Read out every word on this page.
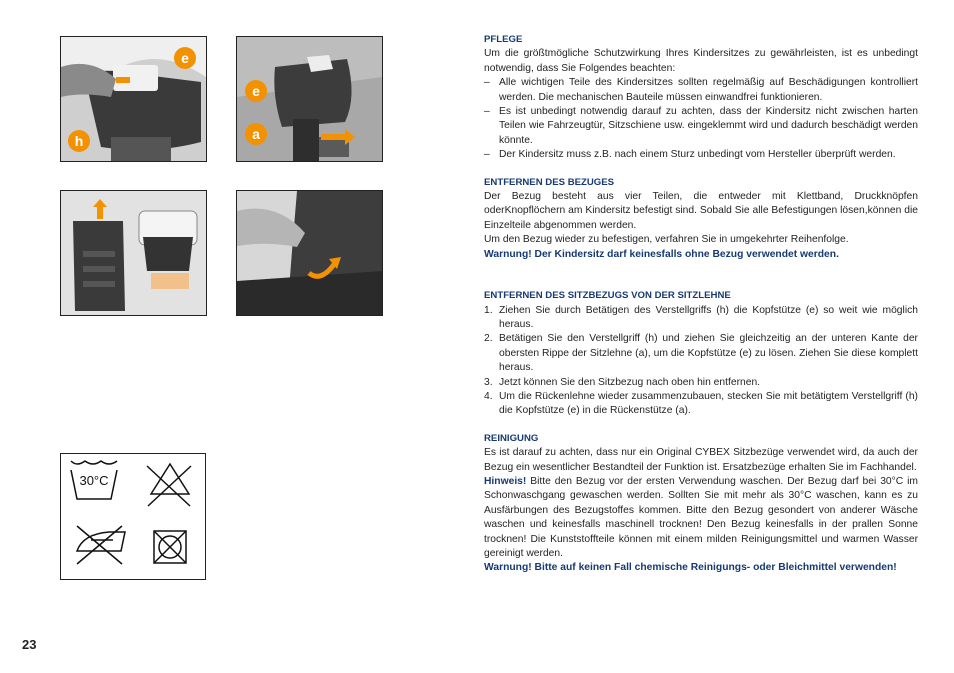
e
h
e
a
30°C
23

PFLEGE

Um die größtmögliche Schutzwirkung Ihres Kindersitzes zu gewährleisten, ist es unbedingt notwendig, dass Sie Folgendes beachten:

– Alle wichtigen Teile des Kindersitzes sollten regelmäßig auf Beschädigungen kontrolliert werden. Die mechanischen Bauteile müssen einwandfrei funktionieren.
– Es ist unbedingt notwendig darauf zu achten, dass der Kindersitz nicht zwischen harten Teilen wie Fahrzeugtür, Sitzschiene usw. eingeklemmt wird und dadurch beschädigt werden könnte.
– Der Kindersitz muss z.B. nach einem Sturz unbedingt vom Hersteller überprüft werden.

ENTFERNEN DES BEZUGES

Der Bezug besteht aus vier Teilen, die entweder mit Klettband, Druckknöpfen oderKnopflöchern am Kindersitz befestigt sind. Sobald Sie alle Befestigungen lösen,können die Einzelteile abgenommen werden.

Um den Bezug wieder zu befestigen, verfahren Sie in umgekehrter Reihenfolge.

Warnung! Der Kindersitz darf keinesfalls ohne Bezug verwendet werden.

ENTFERNEN DES SITZBEZUGS VON DER SITZLEHNE

1. Ziehen Sie durch Betätigen des Verstellgriffs (h) die Kopfstütze (e) so weit wie möglich heraus.
2. Betätigen Sie den Verstellgriff (h) und ziehen Sie gleichzeitig an der unteren Kante der obersten Rippe der Sitzlehne (a), um die Kopfstütze (e) zu lösen. Ziehen Sie diese komplett heraus.
3. Jetzt können Sie den Sitzbezug nach oben hin entfernen.
4. Um die Rückenlehne wieder zusammenzubauen, stecken Sie mit betätigtem Verstellgriff (h) die Kopfstütze (e) in die Rückenstütze (a).

REINIGUNG

Es ist darauf zu achten, dass nur ein Original CYBEX Sitzbezüge verwendet wird, da auch der Bezug ein wesentlicher Bestandteil der Funktion ist. Ersatzbezüge erhalten Sie im Fachhandel.

Hinweis! Bitte den Bezug vor der ersten Verwendung waschen. Der Bezug darf bei 30°C im Schonwaschgang gewaschen werden. Sollten Sie mit mehr als 30°C waschen, kann es zu Ausfärbungen des Bezugstoffes kommen. Bitte den Bezug gesondert von anderer Wäsche waschen und keinesfalls maschinell trocknen! Den Bezug keinesfalls in der prallen Sonne trocknen! Die Kunststoffteile können mit einem milden Reinigungsmittel und warmen Wasser gereinigt werden.

Warnung! Bitte auf keinen Fall chemische Reinigungs- oder Bleichmittel verwenden!
